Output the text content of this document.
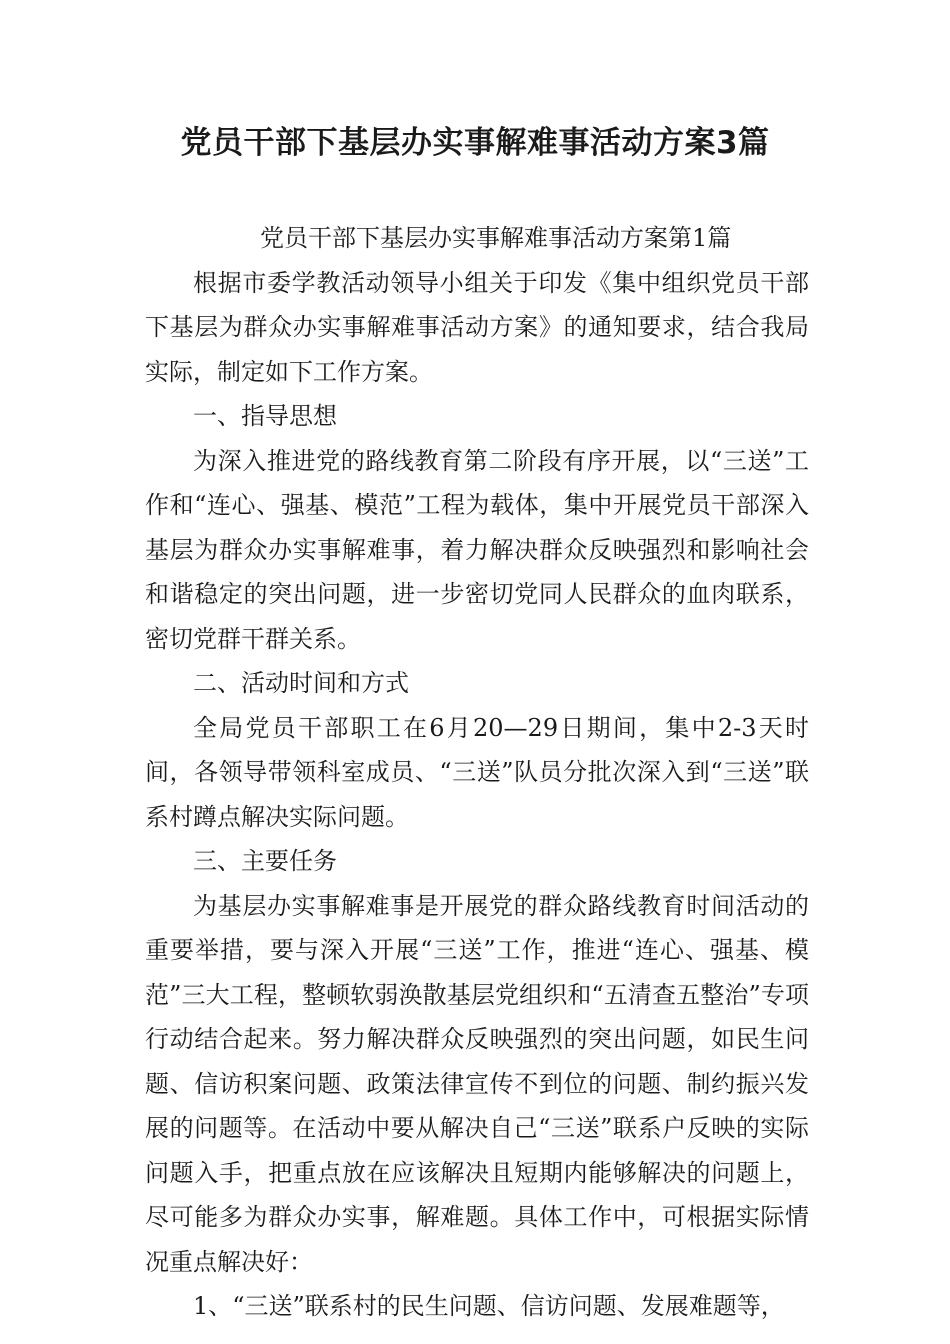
党员干部下基层办实事解难事活动方案3篇

党员干部下基层办实事解难事活动方案第1篇

根据市委学教活动领导小组关于印发《集中组织党员干部下基层为群众办实事解难事活动方案》的通知要求，结合我局实际，制定如下工作方案。

一、指导思想

为深入推进党的路线教育第二阶段有序开展，以“三送”工作和“连心、强基、模范”工程为载体，集中开展党员干部深入基层为群众办实事解难事，着力解决群众反映强烈和影响社会和谐稳定的突出问题，进一步密切党同人民群众的血肉联系，密切党群干群关系。

二、活动时间和方式

全局党员干部职工在6月20—29日期间，集中2-3天时间，各领导带领科室成员、“三送”队员分批次深入到“三送”联系村蹲点解决实际问题。

三、主要任务

为基层办实事解难事是开展党的群众路线教育时间活动的重要举措，要与深入开展“三送”工作，推进“连心、强基、模范”三大工程，整顿软弱涣散基层党组织和“五清查五整治”专项行动结合起来。努力解决群众反映强烈的突出问题，如民生问题、信访积案问题、政策法律宣传不到位的问题、制约振兴发展的问题等。在活动中要从解决自己“三送”联系户反映的实际问题入手，把重点放在应该解决且短期内能够解决的问题上，尽可能多为群众办实事，解难题。具体工作中，可根据实际情况重点解决好：

1、“三送”联系村的民生问题、信访问题、发展难题等，
